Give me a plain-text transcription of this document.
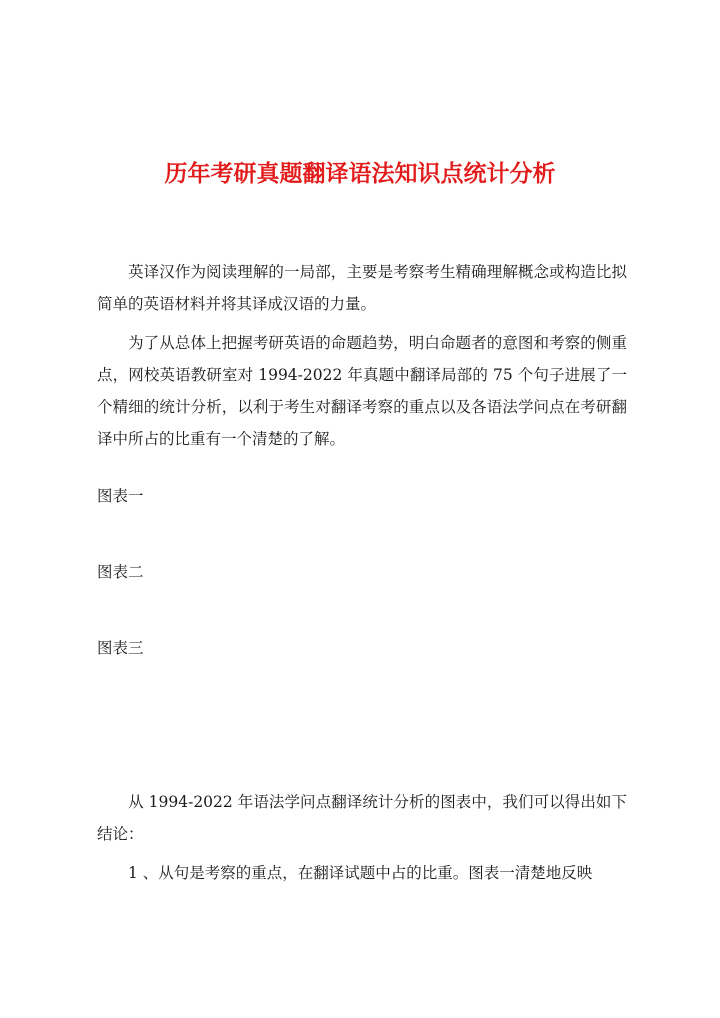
历年考研真题翻译语法知识点统计分析

英译汉作为阅读理解的一局部，主要是考察考生精确理解概念或构造比拟简单的英语材料并将其译成汉语的力量。

为了从总体上把握考研英语的命题趋势，明白命题者的意图和考察的侧重点，网校英语教研室对 1994-2022 年真题中翻译局部的 75 个句子进展了一个精细的统计分析，以利于考生对翻译考察的重点以及各语法学问点在考研翻译中所占的比重有一个清楚的了解。

图表一

图表二

图表三

从 1994-2022 年语法学问点翻译统计分析的图表中，我们可以得出如下结论：

1 、从句是考察的重点，在翻译试题中占的比重。图表一清楚地反映
